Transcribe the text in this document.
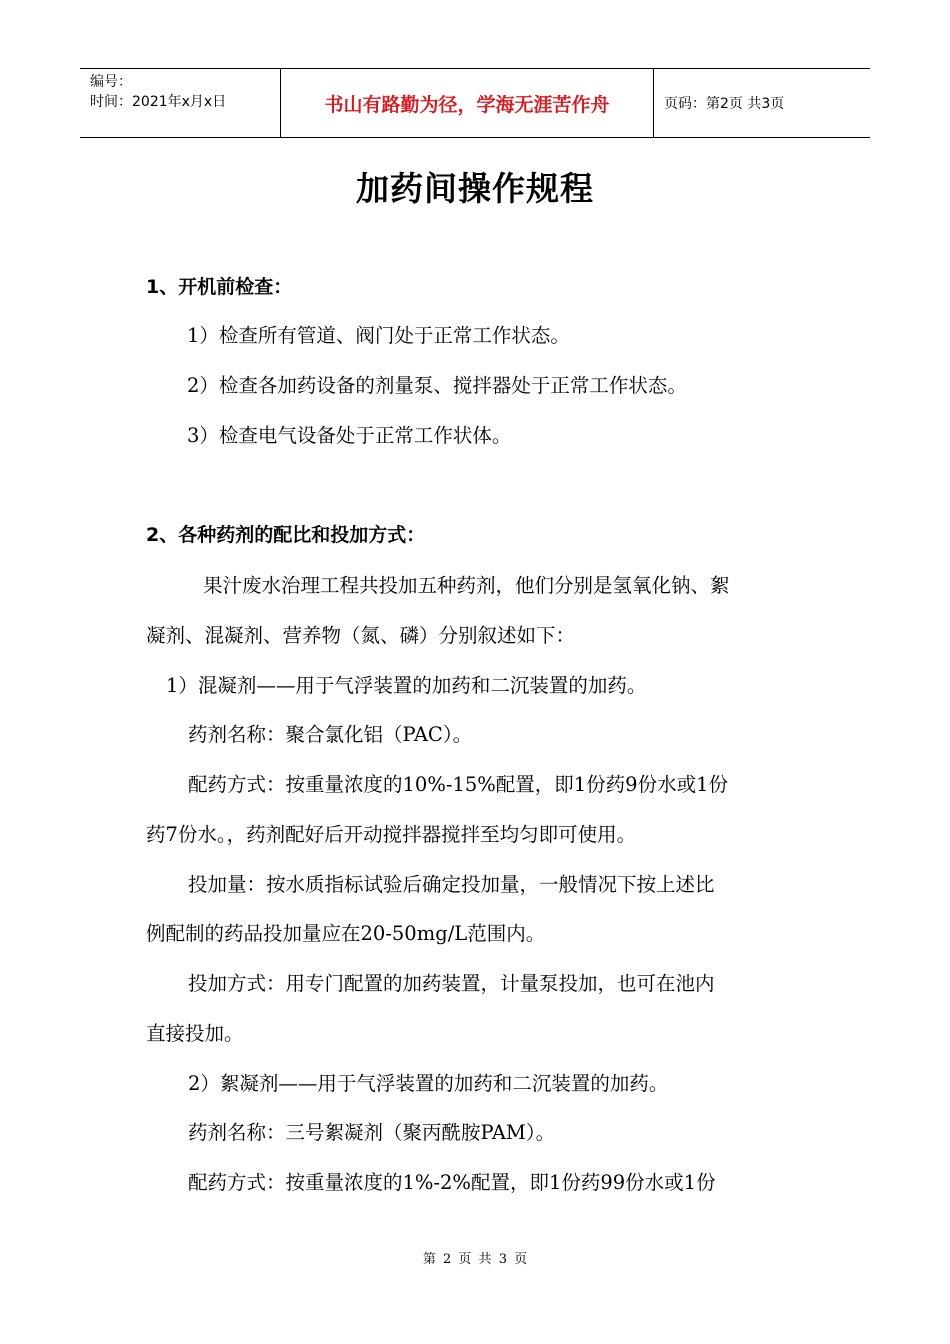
编号：
时间：2021年x月x日	书山有路勤为径，学海无涯苦作舟	页码：第2页 共3页
加药间操作规程
1、开机前检查：
1）检查所有管道、阀门处于正常工作状态。
2）检查各加药设备的剂量泵、搅拌器处于正常工作状态。
3）检查电气设备处于正常工作状体。
2、各种药剂的配比和投加方式：
果汁废水治理工程共投加五种药剂，他们分别是氢氧化钠、絮
凝剂、混凝剂、营养物（氮、磷）分别叙述如下：
1）混凝剂——用于气浮装置的加药和二沉装置的加药。
药剂名称：聚合氯化铝（PAC）。
配药方式：按重量浓度的10%-15%配置，即1份药9份水或1份
药7份水。，药剂配好后开动搅拌器搅拌至均匀即可使用。
投加量：按水质指标试验后确定投加量，一般情况下按上述比
例配制的药品投加量应在20-50mg/L范围内。
投加方式：用专门配置的加药装置，计量泵投加，也可在池内
直接投加。
2）絮凝剂——用于气浮装置的加药和二沉装置的加药。
药剂名称：三号絮凝剂（聚丙酰胺PAM）。
配药方式：按重量浓度的1%-2%配置，即1份药99份水或1份
第 2 页 共 3 页
